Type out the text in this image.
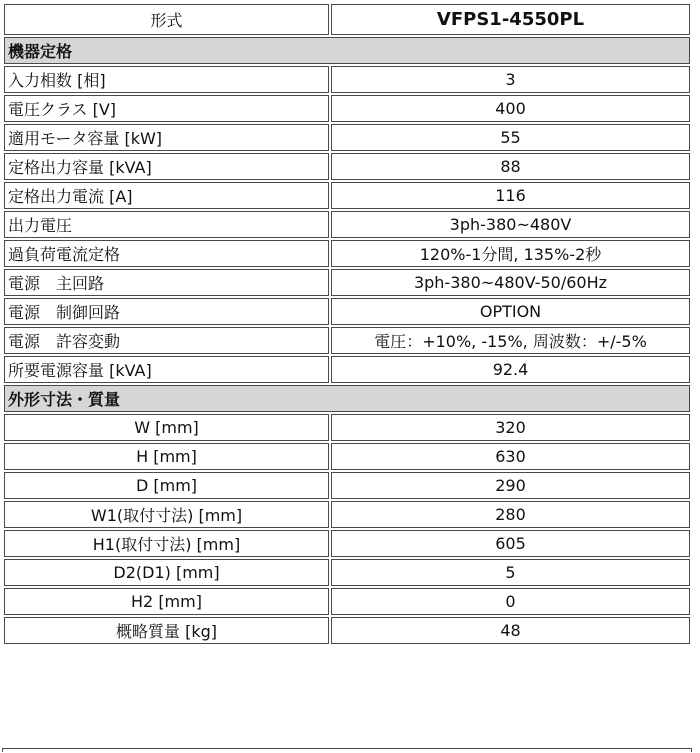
形式	VFPS1-4550PL
機器定格	
入力相数 [相]	3
電圧クラス [V]	400
適用モータ容量 [kW]	55
定格出力容量 [kVA]	88
定格出力電流 [A]	116
出力電圧	3ph-380~480V
過負荷電流定格	120%-1分間, 135%-2秒
電源　主回路	3ph-380~480V-50/60Hz
電源　制御回路	OPTION
電源　許容変動	電圧：+10%, -15%, 周波数：+/-5%
所要電源容量 [kVA]	92.4
外形寸法・質量	
W [mm]	320
H [mm]	630
D [mm]	290
W1(取付寸法) [mm]	280
H1(取付寸法) [mm]	605
D2(D1) [mm]	5
H2 [mm]	0
概略質量 [kg]	48
